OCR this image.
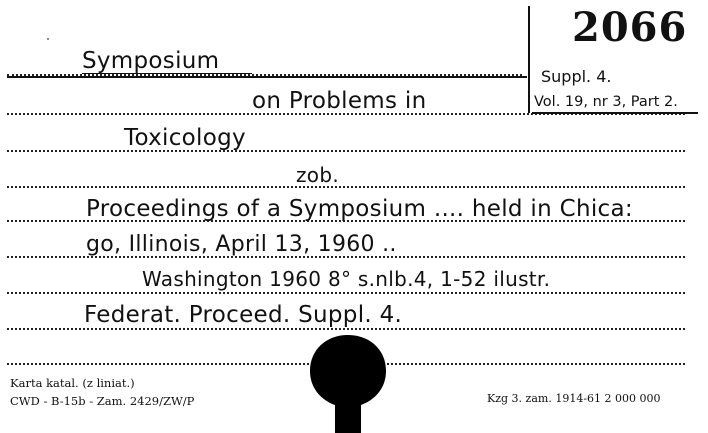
2066
Suppl. 4.
Vol. 19, nr 3, Part 2.
Symposium
on Problems in
Toxicology
zob.
Proceedings of a Symposium .... held in Chica:
go, Illinois, April 13, 1960 ..
Washington 1960 8° s.nlb.4, 1-52 ilustr.
Federat. Proceed. Suppl. 4.
Karta katal. (z liniat.)
CWD - B-15b - Zam. 2429/ZW/P	Kzg 3. zam. 1914-61 2 000 000
